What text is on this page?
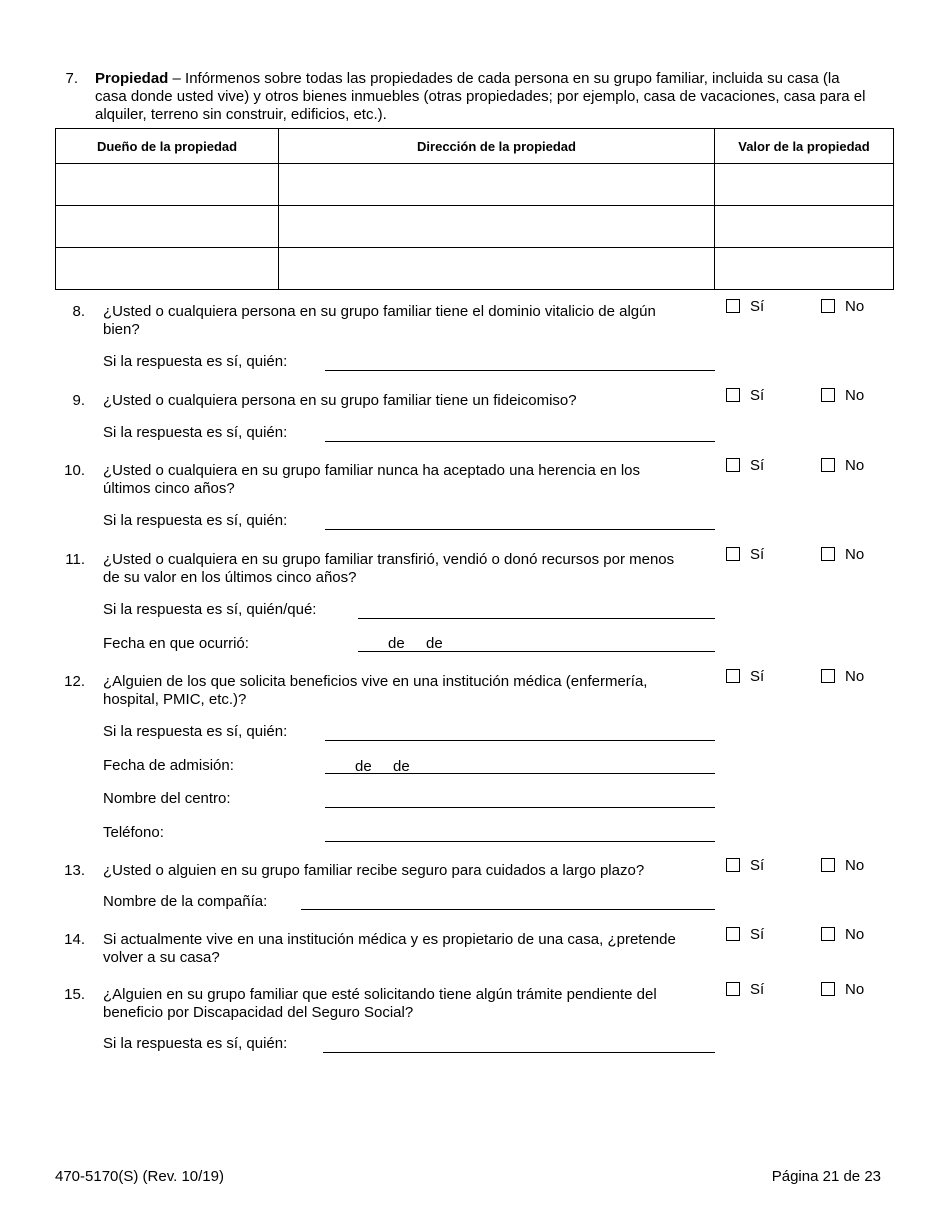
7. Propiedad – Infórmenos sobre todas las propiedades de cada persona en su grupo familiar, incluida su casa (la
casa donde usted vive) y otros bienes inmuebles (otras propiedades; por ejemplo, casa de vacaciones, casa para el
alquiler, terreno sin construir, edificios, etc.).
Dueño de la propiedad	Dirección de la propiedad	Valor de la propiedad

8. ¿Usted o cualquiera persona en su grupo familiar tiene el dominio vitalicio de algún
bien?
Sí	No
Si la respuesta es sí, quién:
9. ¿Usted o cualquiera persona en su grupo familiar tiene un fideicomiso?	Sí	No
Si la respuesta es sí, quién:
10. ¿Usted o cualquiera en su grupo familiar nunca ha aceptado una herencia en los
últimos cinco años?
Sí	No
Si la respuesta es sí, quién:
11. ¿Usted o cualquiera en su grupo familiar transfirió, vendió o donó recursos por menos
de su valor en los últimos cinco años?
Sí	No
Si la respuesta es sí, quién/qué:
Fecha en que ocurrió:	de de
12. ¿Alguien de los que solicita beneficios vive en una institución médica (enfermería,
hospital, PMIC, etc.)?
Sí	No
Si la respuesta es sí, quién:
Fecha de admisión:	de de
Nombre del centro:
Teléfono:
13. ¿Usted o alguien en su grupo familiar recibe seguro para cuidados a largo plazo?	Sí	No
Nombre de la compañía:
14. Si actualmente vive en una institución médica y es propietario de una casa, ¿pretende
volver a su casa?
Sí	No
15. ¿Alguien en su grupo familiar que esté solicitando tiene algún trámite pendiente del
beneficio por Discapacidad del Seguro Social?
Sí	No
Si la respuesta es sí, quién:
470-5170(S) (Rev. 10/19)	Página 21 de 23
